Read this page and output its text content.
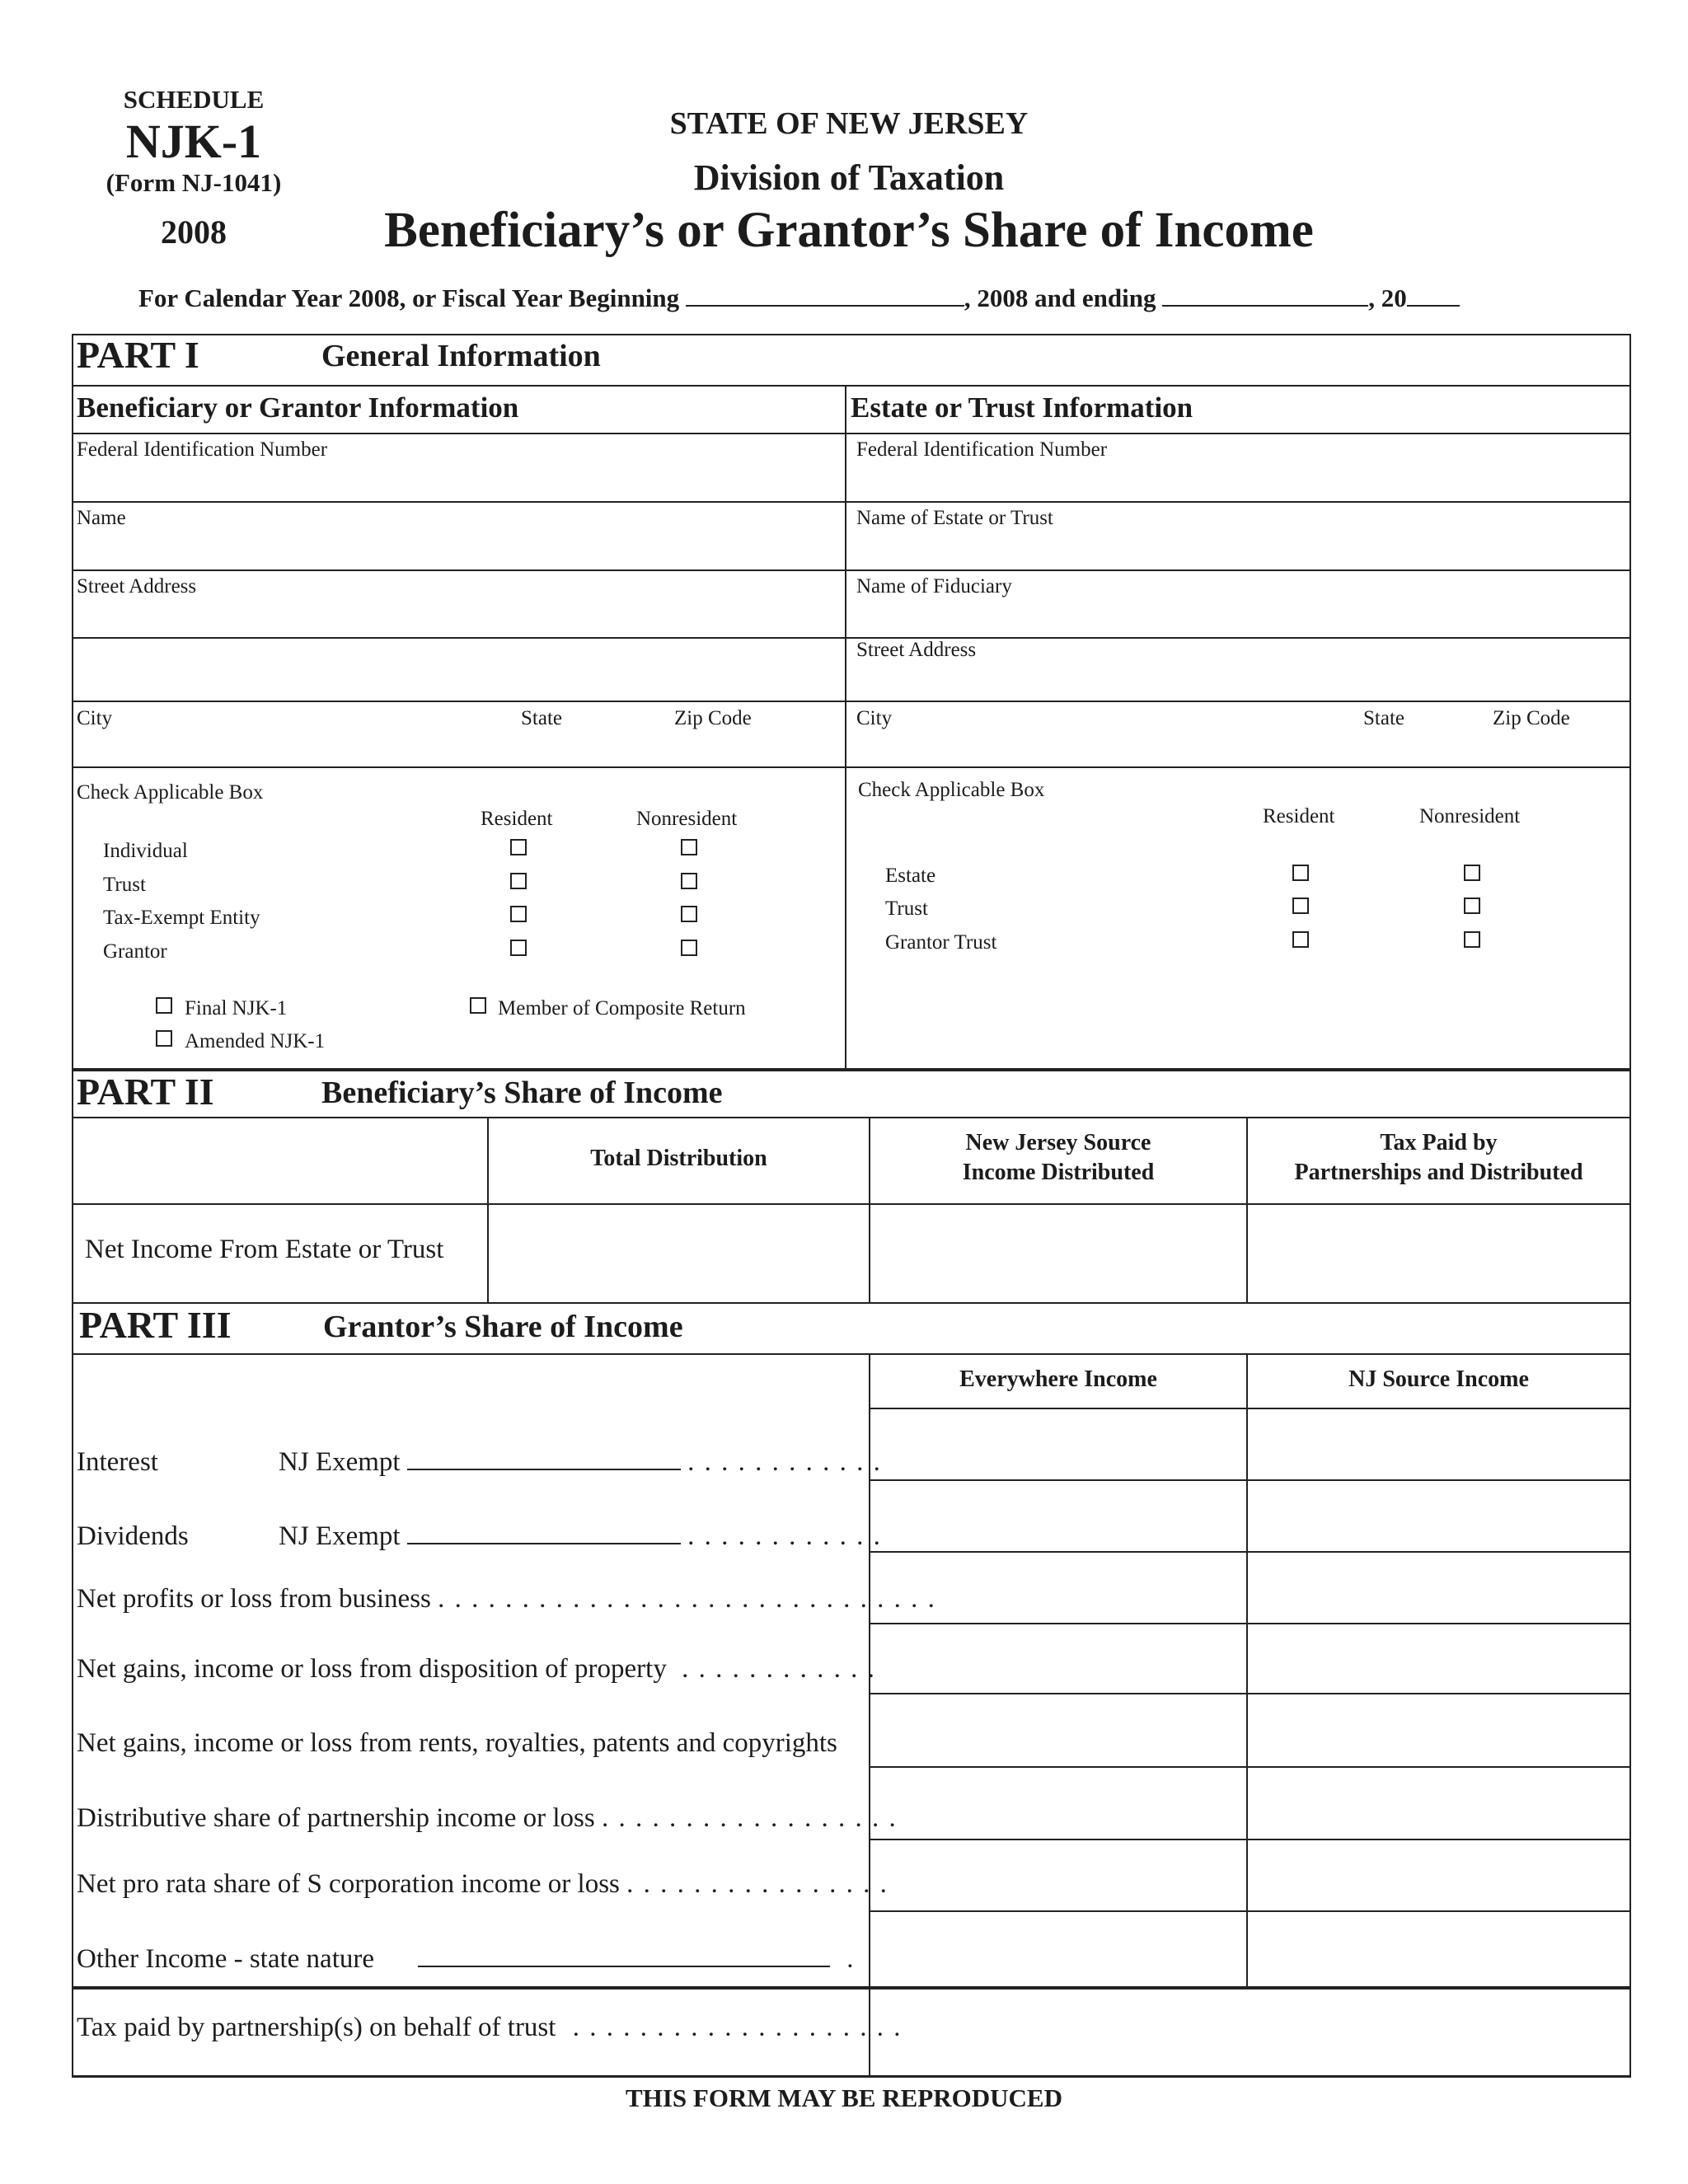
SCHEDULE
NJK-1
(Form NJ-1041)
2008
STATE OF NEW JERSEY
Division of Taxation
Beneficiary’s or Grantor’s Share of Income
For Calendar Year 2008, or Fiscal Year Beginning	, 2008 and ending	, 20
PART I	General Information
Beneficiary or Grantor Information	Estate or Trust Information
Federal Identification Number
Name
Street Address
City	State	Zip Code
Federal Identification Number
Name of Estate or Trust
Name of Fiduciary
Street Address
City	State	Zip Code
Check Applicable Box
Resident	Nonresident
Individual
Trust
Tax-Exempt Entity
Grantor
Final NJK-1
Amended NJK-1
Member of Composite Return
Check Applicable Box
Resident	Nonresident
Estate
Trust
Grantor Trust
PART II	Beneficiary’s Share of Income
Total Distribution
New Jersey Source
Income Distributed
Tax Paid by
Partnerships and Distributed
Net Income From Estate or Trust
PART III	Grantor’s Share of Income
Everywhere Income	NJ Source Income
Interest	NJ Exempt	. . . . . . . . . . . .
Dividends	NJ Exempt	. . . . . . . . . . . .
Net profits or loss from business . . . . . . . . . . . . . . . . . . . . . . . . . . . . . .
Net gains, income or loss from disposition of property . . . . . . . . . . . .
Net gains, income or loss from rents, royalties, patents and copyrights
Distributive share of partnership income or loss . . . . . . . . . . . . . . . . . .
Net pro rata share of S corporation income or loss . . . . . . . . . . . . . . . .
Other Income - state nature	.
Tax paid by partnership(s) on behalf of trust . . . . . . . . . . . . . . . . . . . .
THIS FORM MAY BE REPRODUCED
